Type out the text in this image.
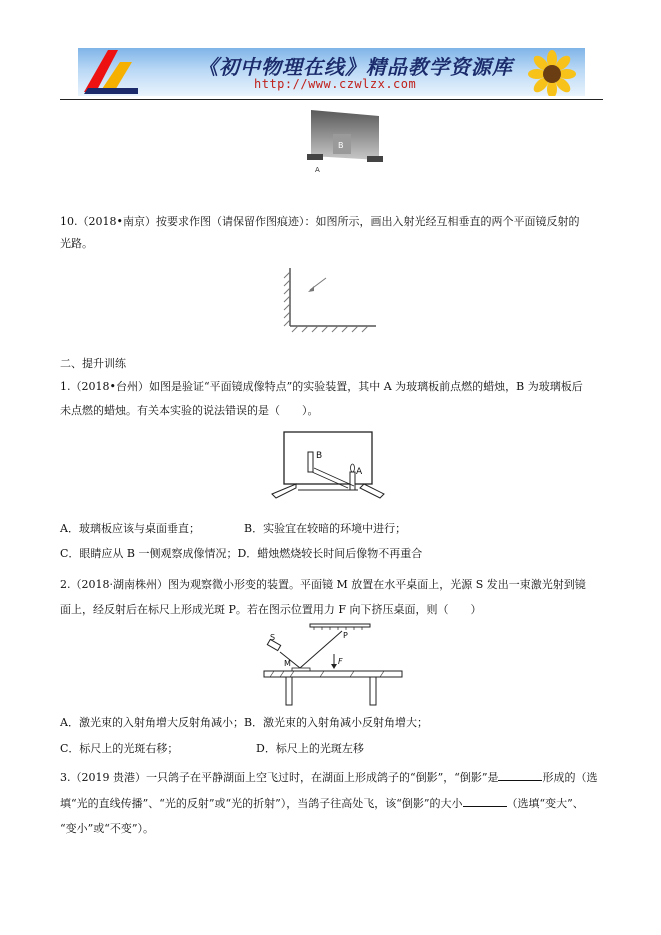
《初中物理在线》精品教学资源库
http://www.czwlzx.com
B
A
10.（2018•南京）按要求作图（请保留作图痕迹）：如图所示，画出入射光经互相垂直的两个平面镜反射的
光路。
二、提升训练
1.（2018•台州）如图是验证“平面镜成像特点”的实验装置，其中 A 为玻璃板前点燃的蜡烛，B 为玻璃板后
未点燃的蜡烛。有关本实验的说法错误的是（　　）。
B
A
A．玻璃板应该与桌面垂直；	B．实验宜在较暗的环境中进行；
C．眼睛应从 B 一侧观察成像情况；D．蜡烛燃烧较长时间后像物不再重合
2.（2018·湖南株州）图为观察微小形变的装置。平面镜 M 放置在水平桌面上，光源 S 发出一束激光射到镜
面上，经反射后在标尺上形成光斑 P。若在图示位置用力 F 向下挤压桌面，则（　　）
P
S
M	F
A．激光束的入射角增大反射角减小；B．激光束的入射角减小反射角增大；
C．标尺上的光斑右移；	D．标尺上的光斑左移
3.（2019 贵港）一只鸽子在平静湖面上空飞过时，在湖面上形成鸽子的“倒影”，“倒影”是	形成的（选
填“光的直线传播”、“光的反射”或“光的折射”），当鸽子往高处飞，该“倒影”的大小	（选填“变大”、
“变小”或“不变”）。
